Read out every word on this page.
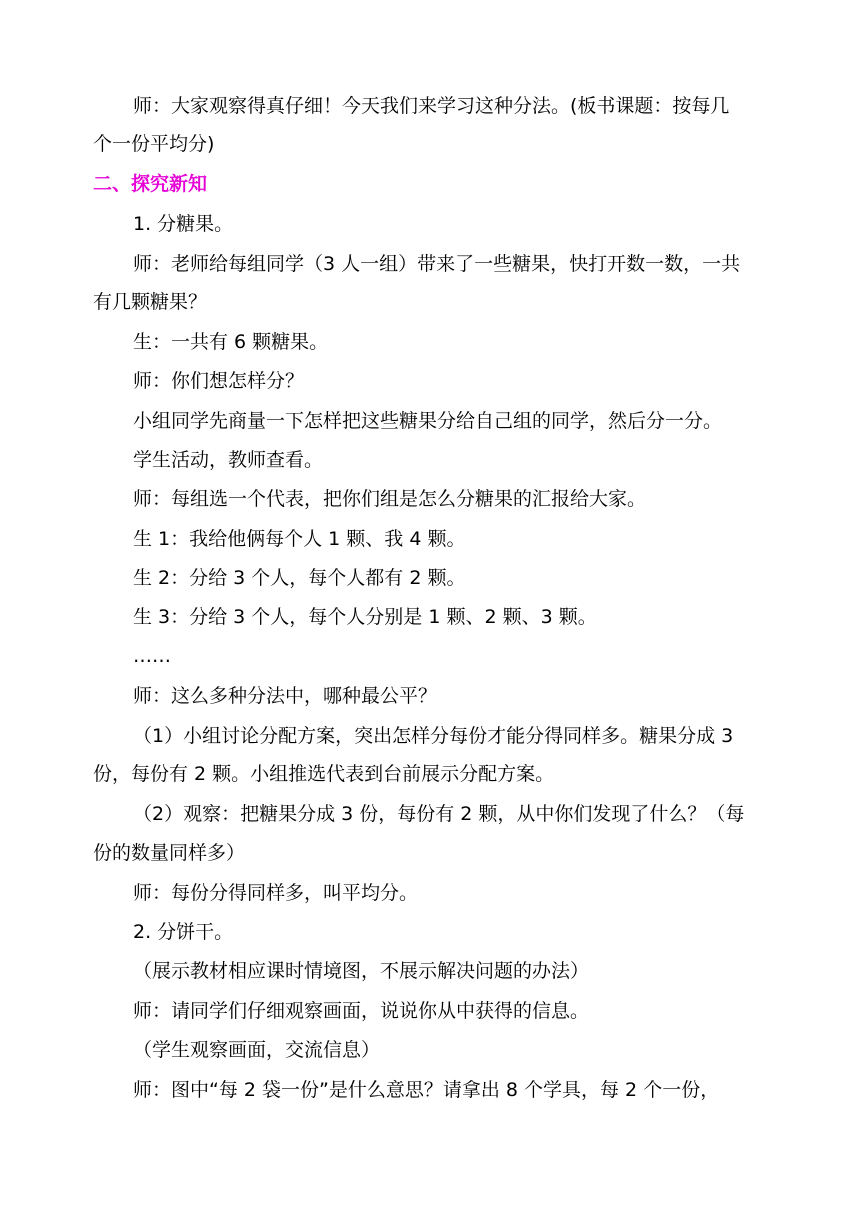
师：大家观察得真仔细！今天我们来学习这种分法。(板书课题：按每几
个一份平均分)
二、探究新知
1. 分糖果。
师：老师给每组同学（3 人一组）带来了一些糖果，快打开数一数，一共
有几颗糖果？
生：一共有 6 颗糖果。
师：你们想怎样分？
小组同学先商量一下怎样把这些糖果分给自己组的同学，然后分一分。
学生活动，教师查看。
师：每组选一个代表，把你们组是怎么分糖果的汇报给大家。
生 1：我给他俩每个人 1 颗、我 4 颗。
生 2：分给 3 个人，每个人都有 2 颗。
生 3：分给 3 个人，每个人分别是 1 颗、2 颗、3 颗。
……
师：这么多种分法中，哪种最公平？
（1）小组讨论分配方案，突出怎样分每份才能分得同样多。糖果分成 3
份，每份有 2 颗。小组推选代表到台前展示分配方案。
（2）观察：把糖果分成 3 份，每份有 2 颗，从中你们发现了什么？（每
份的数量同样多）
师：每份分得同样多，叫平均分。
2. 分饼干。
（展示教材相应课时情境图，不展示解决问题的办法）
师：请同学们仔细观察画面，说说你从中获得的信息。
（学生观察画面，交流信息）
师：图中“每 2 袋一份”是什么意思？请拿出 8 个学具，每 2 个一份，
